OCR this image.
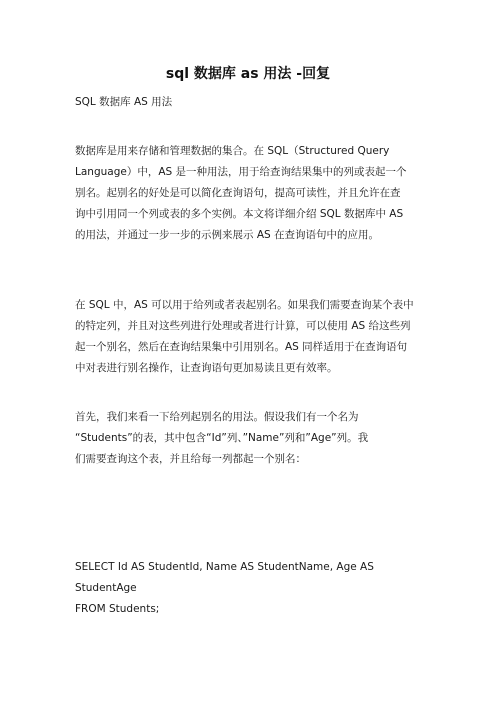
sql 数据库 as 用法 -回复
SQL 数据库 AS 用法
数据库是用来存储和管理数据的集合。在 SQL（Structured Query
Language）中，AS 是一种用法，用于给查询结果集中的列或表起一个
别名。起别名的好处是可以简化查询语句，提高可读性，并且允许在查
询中引用同一个列或表的多个实例。本文将详细介绍 SQL 数据库中 AS
的用法，并通过一步一步的示例来展示 AS 在查询语句中的应用。
在 SQL 中，AS 可以用于给列或者表起别名。如果我们需要查询某个表中
的特定列，并且对这些列进行处理或者进行计算，可以使用 AS 给这些列
起一个别名，然后在查询结果集中引用别名。AS 同样适用于在查询语句
中对表进行别名操作，让查询语句更加易读且更有效率。
首先，我们来看一下给列起别名的用法。假设我们有一个名为
“Students”的表，其中包含“Id”列、”Name”列和”Age”列。我
们需要查询这个表，并且给每一列都起一个别名：
SELECT Id AS StudentId, Name AS StudentName, Age AS
StudentAge
FROM Students;
